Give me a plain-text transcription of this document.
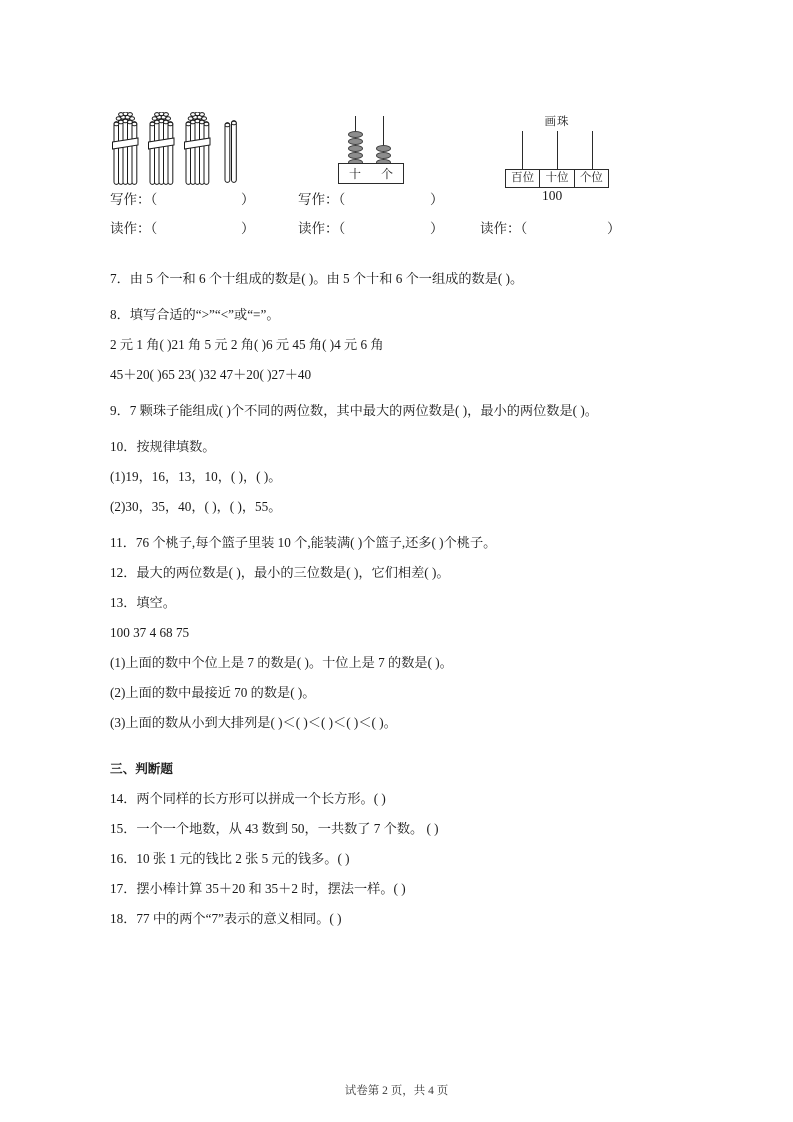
十 个
画珠
百位 十位 个位
写作：（	）	写作：（	）	100
读作：（	）	读作：（	）	读作：（	）
7．由 5 个一和 6 个十组成的数是( )。由 5 个十和 6 个一组成的数是( )。
8．填写合适的“>”“<”或“=”。
2 元 1 角( )21 角 5 元 2 角( )6 元 45 角( )4 元 6 角
45＋20( )65 23( )32 47＋20( )27＋40
9．7 颗珠子能组成( )个不同的两位数，其中最大的两位数是( )，最小的两位数是( )。
10．按规律填数。
(1)19，16，13，10，( )，( )。
(2)30，35，40，( )，( )，55。
11．76 个桃子,每个篮子里装 10 个,能装满( )个篮子,还多( )个桃子。
12．最大的两位数是( )，最小的三位数是( )，它们相差( )。
13．填空。
100 37 4 68 75
(1)上面的数中个位上是 7 的数是( )。十位上是 7 的数是( )。
(2)上面的数中最接近 70 的数是( )。
(3)上面的数从小到大排列是( )＜( )＜( )＜( )＜( )。
三、判断题
14．两个同样的长方形可以拼成一个长方形。( )
15．一个一个地数，从 43 数到 50，一共数了 7 个数。 ( )
16．10 张 1 元的钱比 2 张 5 元的钱多。( )
17．摆小棒计算 35＋20 和 35＋2 时，摆法一样。( )
18．77 中的两个“7”表示的意义相同。( )
试卷第 2 页，共 4 页
